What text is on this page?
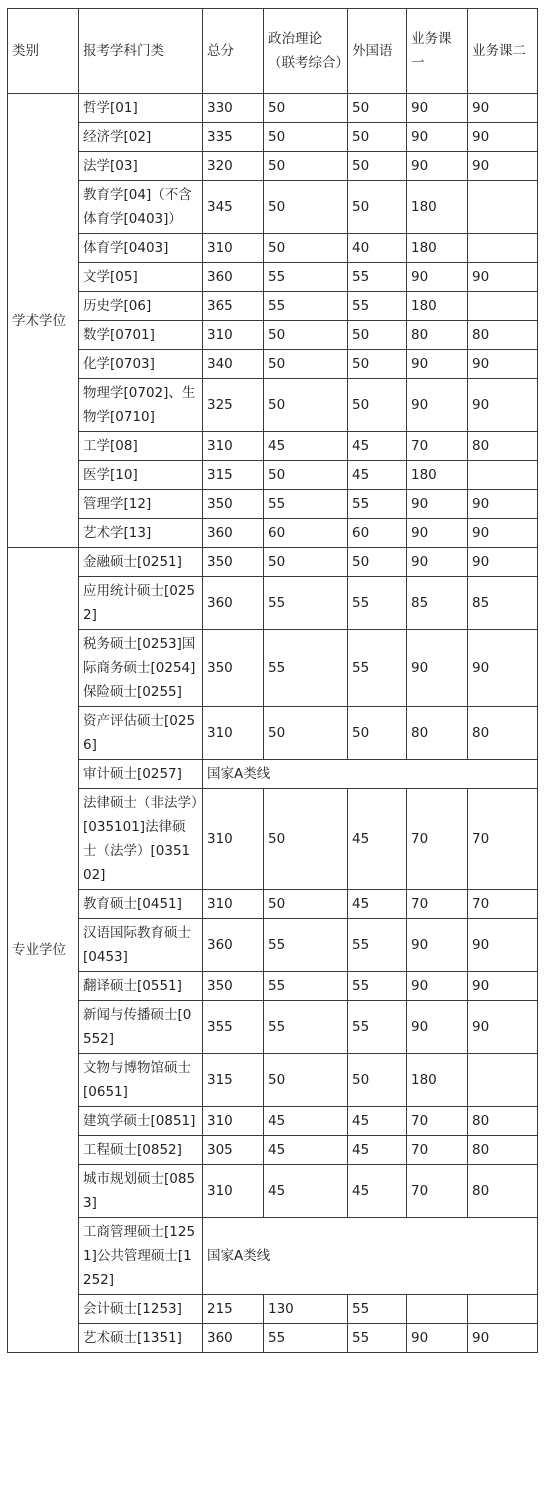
类别	报考学科门类	总分	政治理论（联考综合）	外国语	业务课一	业务课二
学术学位	哲学[01]	330	50	50	90	90
	经济学[02]	335	50	50	90	90
	法学[03]	320	50	50	90	90
	教育学[04]（不含体育学[0403]）	345	50	50	180	
	体育学[0403]	310	50	40	180	
	文学[05]	360	55	55	90	90
	历史学[06]	365	55	55	180	
	数学[0701]	310	50	50	80	80
	化学[0703]	340	50	50	90	90
	物理学[0702]、生物学[0710]	325	50	50	90	90
	工学[08]	310	45	45	70	80
	医学[10]	315	50	45	180	
	管理学[12]	350	55	55	90	90
	艺术学[13]	360	60	60	90	90
专业学位	金融硕士[0251]	350	50	50	90	90
	应用统计硕士[0252]	360	55	55	85	85
	税务硕士[0253]国际商务硕士[0254]保险硕士[0255]	350	55	55	90	90
	资产评估硕士[0256]	310	50	50	80	80
	审计硕士[0257]	国家A类线				
	法律硕士（非法学）[035101]法律硕士（法学）[035102]	310	50	45	70	70
	教育硕士[0451]	310	50	45	70	70
	汉语国际教育硕士[0453]	360	55	55	90	90
	翻译硕士[0551]	350	55	55	90	90
	新闻与传播硕士[0552]	355	55	55	90	90
	文物与博物馆硕士[0651]	315	50	50	180	
	建筑学硕士[0851]	310	45	45	70	80
	工程硕士[0852]	305	45	45	70	80
	城市规划硕士[0853]	310	45	45	70	80
	工商管理硕士[1251]公共管理硕士[1252]	国家A类线				
	会计硕士[1253]	215	130	55		
	艺术硕士[1351]	360	55	55	90	90
